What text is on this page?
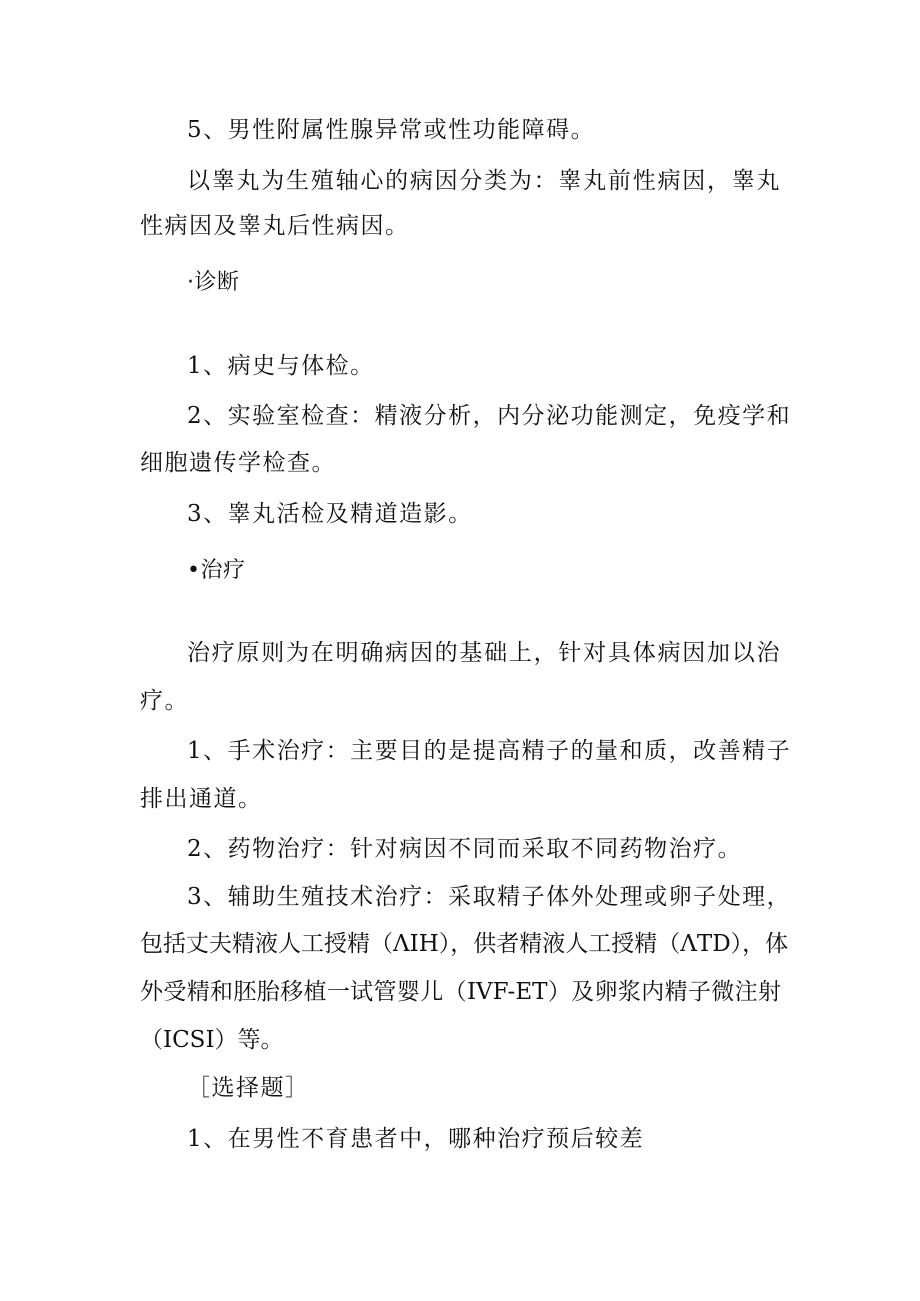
5、男性附属性腺异常或性功能障碍。
以睾丸为生殖轴心的病因分类为：睾丸前性病因，睾丸
性病因及睾丸后性病因。
·诊断
1、病史与体检。
2、实验室检查：精液分析，内分泌功能测定，免疫学和
细胞遗传学检查。
3、睾丸活检及精道造影。
•治疗
治疗原则为在明确病因的基础上，针对具体病因加以治
疗。
1、手术治疗：主要目的是提高精子的量和质，改善精子
排出通道。
2、药物治疗：针对病因不同而采取不同药物治疗。
3、辅助生殖技术治疗：采取精子体外处理或卵子处理，
包括丈夫精液人工授精（ΛIH），供者精液人工授精（ΛTD），体
外受精和胚胎移植一试管婴儿（IVF-ET）及卵浆内精子微注射
（ICSI）等。
［选择题］
1、在男性不育患者中，哪种治疗预后较差
